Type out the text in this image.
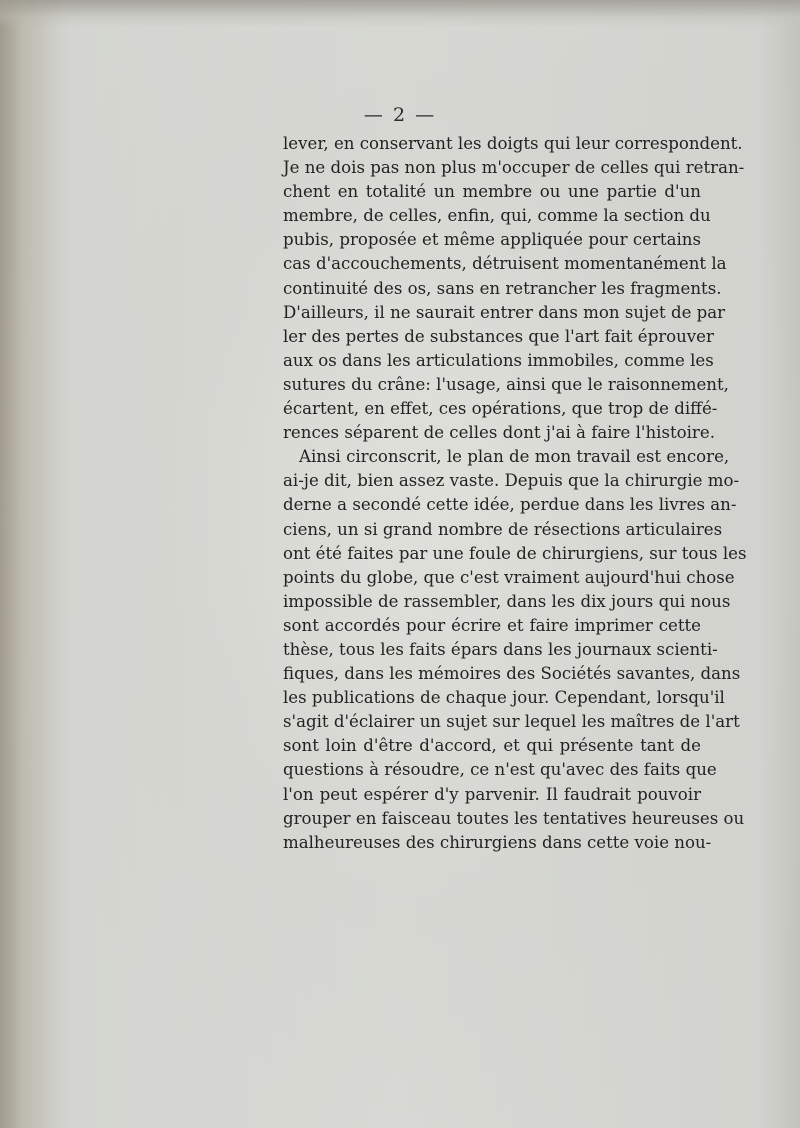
— 2 —
lever, en conservant les doigts qui leur correspondent.
Je ne dois pas non plus m'occuper de celles qui retran-
chent en totalité un membre ou une partie d'un
membre, de celles, enfin, qui, comme la section du
pubis, proposée et même appliquée pour certains
cas d'accouchements, détruisent momentanément la
continuité des os, sans en retrancher les fragments.
D'ailleurs, il ne saurait entrer dans mon sujet de par
ler des pertes de substances que l'art fait éprouver
aux os dans les articulations immobiles, comme les
sutures du crâne: l'usage, ainsi que le raisonnement,
écartent, en effet, ces opérations, que trop de diffé-
rences séparent de celles dont j'ai à faire l'histoire.
Ainsi circonscrit, le plan de mon travail est encore,
ai-je dit, bien assez vaste. Depuis que la chirurgie mo-
derne a secondé cette idée, perdue dans les livres an-
ciens, un si grand nombre de résections articulaires
ont été faites par une foule de chirurgiens, sur tous les
points du globe, que c'est vraiment aujourd'hui chose
impossible de rassembler, dans les dix jours qui nous
sont accordés pour écrire et faire imprimer cette
thèse, tous les faits épars dans les journaux scienti-
fiques, dans les mémoires des Sociétés savantes, dans
les publications de chaque jour. Cependant, lorsqu'il
s'agit d'éclairer un sujet sur lequel les maîtres de l'art
sont loin d'être d'accord, et qui présente tant de
questions à résoudre, ce n'est qu'avec des faits que
l'on peut espérer d'y parvenir. Il faudrait pouvoir
grouper en faisceau toutes les tentatives heureuses ou
malheureuses des chirurgiens dans cette voie nou-
